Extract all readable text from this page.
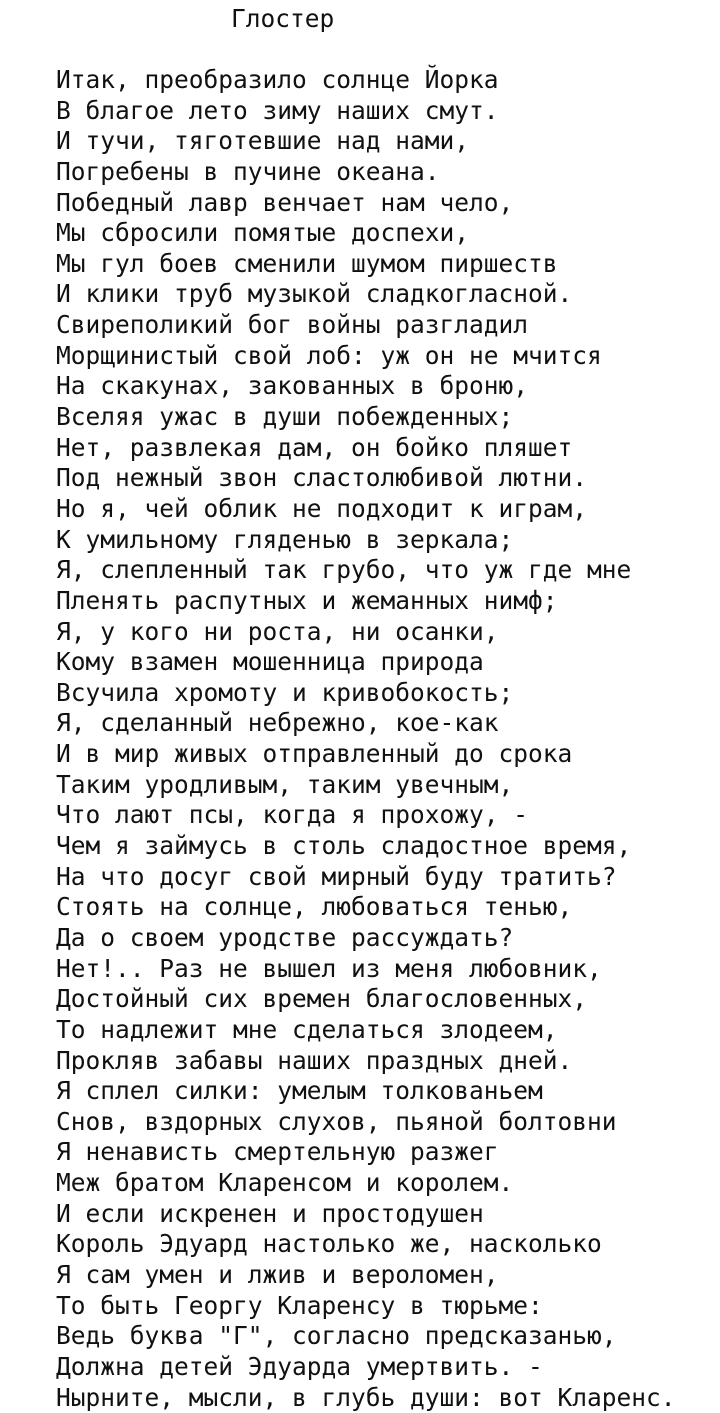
Глостер
Итак, преобразило солнце Йорка
В благое лето зиму наших смут.
И тучи, тяготевшие над нами,
Погребены в пучине океана.
Победный лавр венчает нам чело,
Мы сбросили помятые доспехи,
Мы гул боев сменили шумом пиршеств
И клики труб музыкой сладкогласной.
Свиреполикий бог войны разгладил
Морщинистый свой лоб: уж он не мчится
На скакунах, закованных в броню,
Вселяя ужас в души побежденных;
Нет, развлекая дам, он бойко пляшет
Под нежный звон сластолюбивой лютни.
Но я, чей облик не подходит к играм,
К умильному гляденью в зеркала;
Я, слепленный так грубо, что уж где мне
Пленять распутных и жеманных нимф;
Я, у кого ни роста, ни осанки,
Кому взамен мошенница природа
Всучила хромоту и кривобокость;
Я, сделанный небрежно, кое-как
И в мир живых отправленный до срока
Таким уродливым, таким увечным,
Что лают псы, когда я прохожу, -
Чем я займусь в столь сладостное время,
На что досуг свой мирный буду тратить?
Стоять на солнце, любоваться тенью,
Да о своем уродстве рассуждать?
Нет!.. Раз не вышел из меня любовник,
Достойный сих времен благословенных,
То надлежит мне сделаться злодеем,
Прокляв забавы наших праздных дней.
Я сплел силки: умелым толкованьем
Снов, вздорных слухов, пьяной болтовни
Я ненависть смертельную разжег
Меж братом Кларенсом и королем.
И если искренен и простодушен
Король Эдуард настолько же, насколько
Я сам умен и лжив и вероломен,
То быть Георгу Кларенсу в тюрьме:
Ведь буква "Г", согласно предсказанью,
Должна детей Эдуарда умертвить. -
Нырните, мысли, в глубь души: вот Кларенс.
